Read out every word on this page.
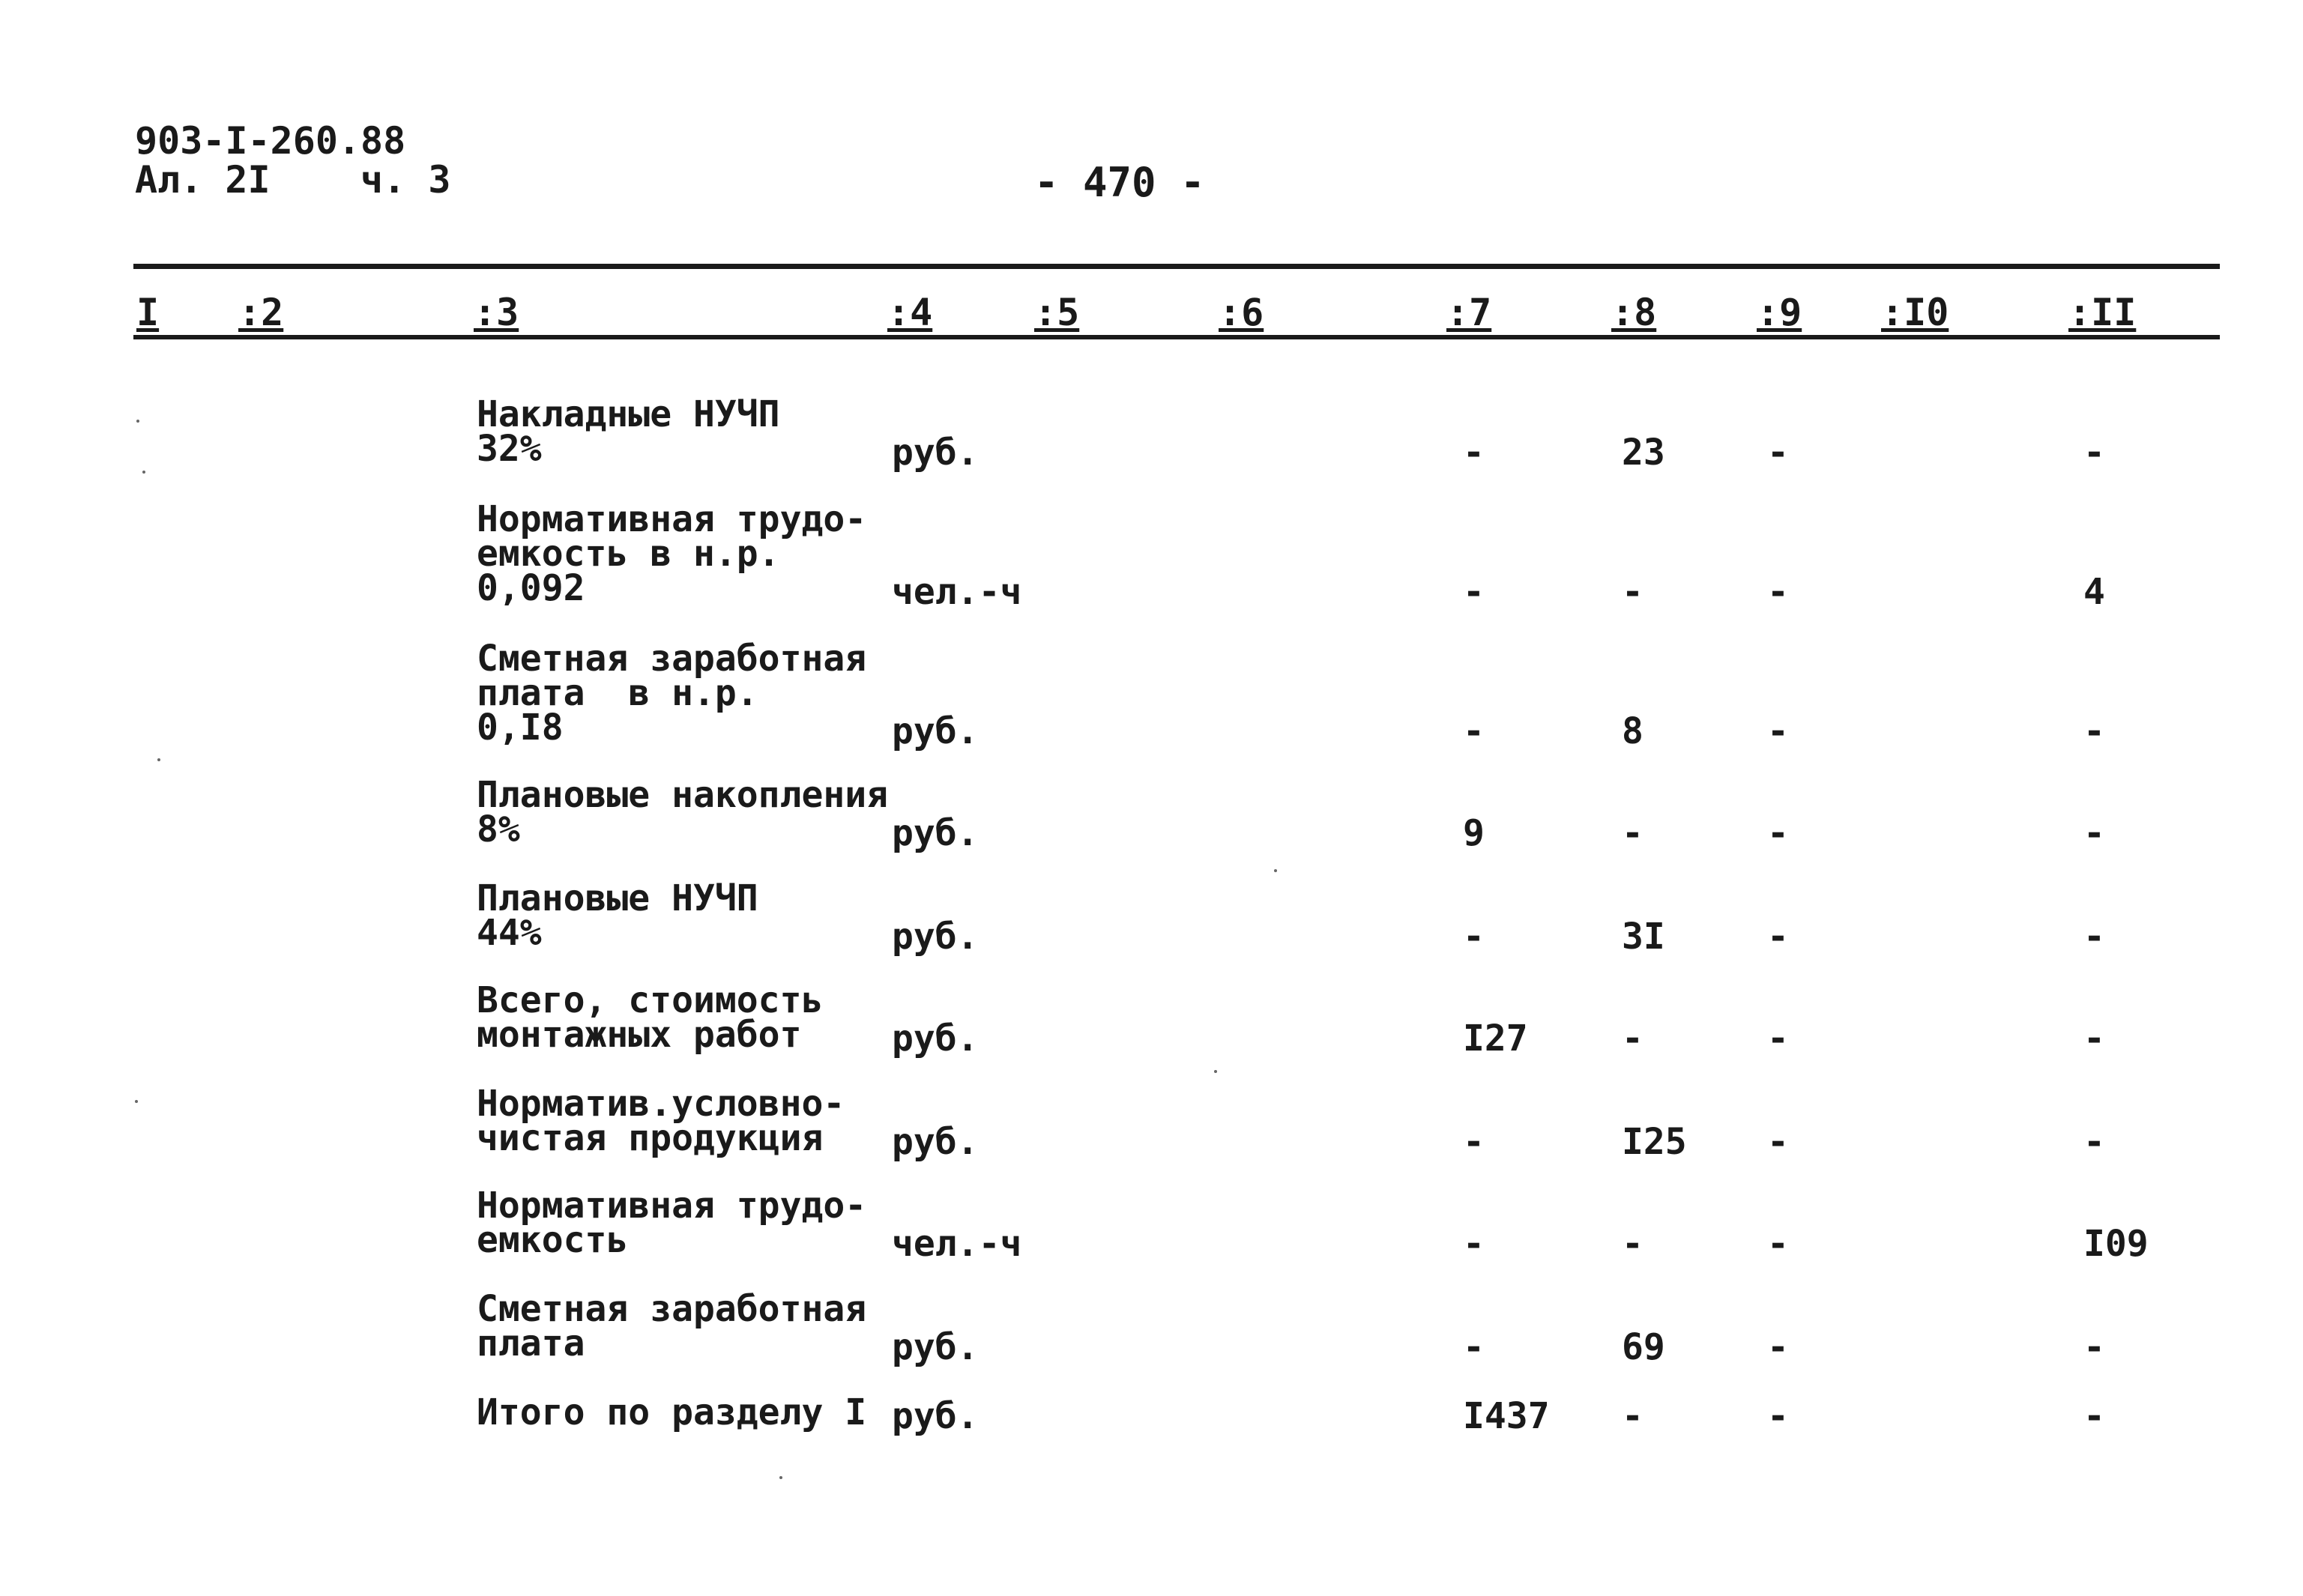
903-I-260.88
Ал. 2I    ч. 3	- 470 -
I :2	:3	:4	:5	:6	:7	:8	:9 :I0	:II
Накладные НУЧП
32%	руб.	-	23	-	-
Нормативная трудо-
емкость в н.р.
0,092	чел.-ч	-	-	-	4
Сметная заработная
плата  в н.р.
0,I8	руб.	-	8	-	-
Плановые накопления
8%	руб.	9	-	-	-
Плановые НУЧП
44%	руб.	-	3I	-	-
Всего, стоимость
монтажных работ	руб.	I27	-	-	-
Норматив.условно-
чистая продукция	руб.	-	I25 -	-
Нормативная трудо-
емкость	чел.-ч	-	-	-	I09
Сметная заработная
плата	руб.	-	69	-	-
Итого по разделу I руб.	I437 -	-	-
